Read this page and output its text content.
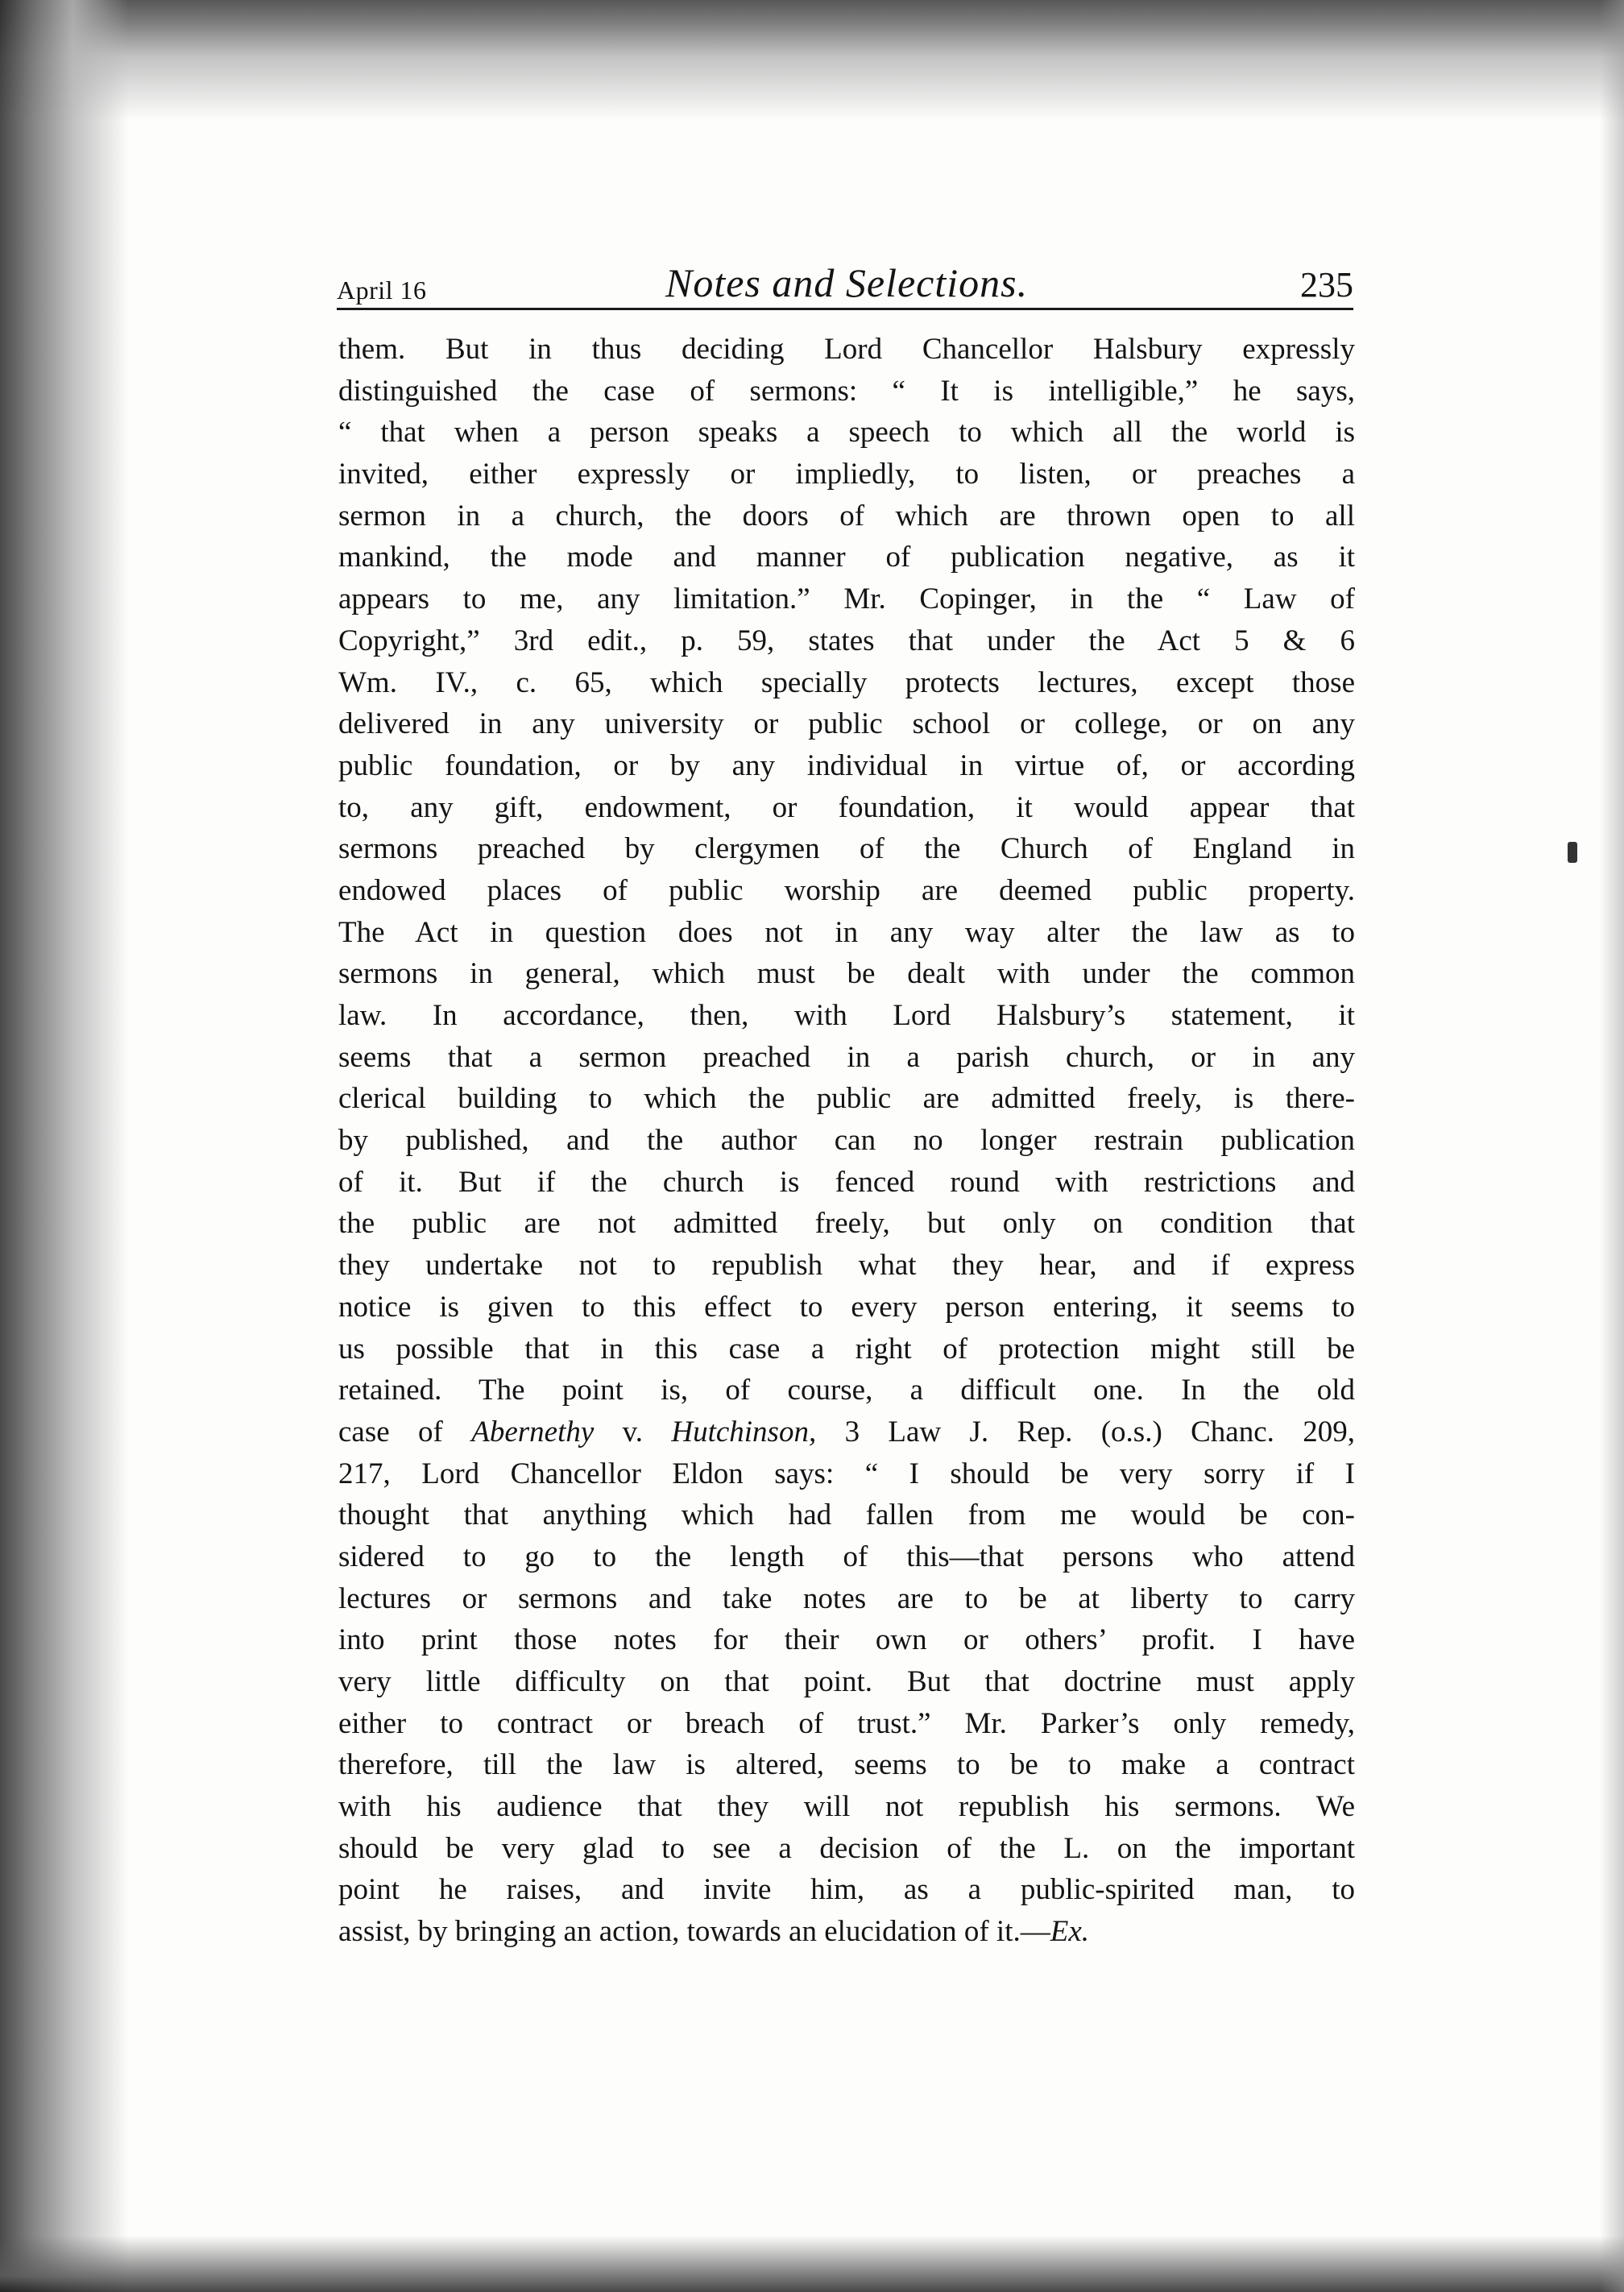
April 16	Notes and Selections.	235
them. But in thus deciding Lord Chancellor Halsbury expressly
distinguished the case of sermons: “ It is intelligible,” he says,
“ that when a person speaks a speech to which all the world is
invited, either expressly or impliedly, to listen, or preaches a
sermon in a church, the doors of which are thrown open to all
mankind, the mode and manner of publication negative, as it
appears to me, any limitation.” Mr. Copinger, in the “ Law of
Copyright,” 3rd edit., p. 59, states that under the Act 5 & 6
Wm. IV., c. 65, which specially protects lectures, except those
delivered in any university or public school or college, or on any
public foundation, or by any individual in virtue of, or according
to, any gift, endowment, or foundation, it would appear that
sermons preached by clergymen of the Church of England in
endowed places of public worship are deemed public property.
The Act in question does not in any way alter the law as to
sermons in general, which must be dealt with under the common
law. In accordance, then, with Lord Halsbury’s statement, it
seems that a sermon preached in a parish church, or in any
clerical building to which the public are admitted freely, is there-
by published, and the author can no longer restrain publication
of it. But if the church is fenced round with restrictions and
the public are not admitted freely, but only on condition that
they undertake not to republish what they hear, and if express
notice is given to this effect to every person entering, it seems to
us possible that in this case a right of protection might still be
retained. The point is, of course, a difficult one. In the old
case of Abernethy v. Hutchinson, 3 Law J. Rep. (o.s.) Chanc. 209,
217, Lord Chancellor Eldon says: “ I should be very sorry if I
thought that anything which had fallen from me would be con-
sidered to go to the length of this—that persons who attend
lectures or sermons and take notes are to be at liberty to carry
into print those notes for their own or others’ profit. I have
very little difficulty on that point. But that doctrine must apply
either to contract or breach of trust.” Mr. Parker’s only remedy,
therefore, till the law is altered, seems to be to make a contract
with his audience that they will not republish his sermons. We
should be very glad to see a decision of the L. on the important
point he raises, and invite him, as a public-spirited man, to
assist, by bringing an action, towards an elucidation of it.—Ex.
